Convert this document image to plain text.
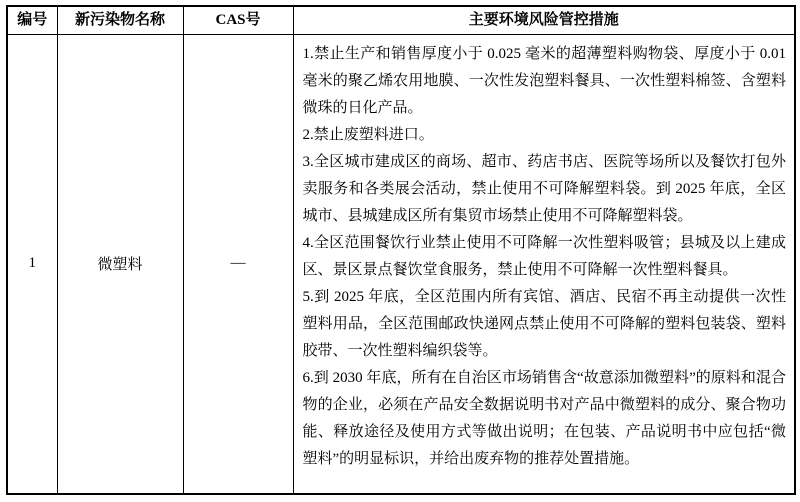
编号	新污染物名称	CAS号	主要环境风险管控措施
1	微塑料	—	

1.禁止生产和销售厚度小于 0.025 毫米的超薄塑料购物袋、厚度小于 0.01 毫米的聚乙烯农用地膜、一次性发泡塑料餐具、一次性塑料棉签、含塑料微珠的日化产品。

2.禁止废塑料进口。

3.全区城市建成区的商场、超市、药店书店、医院等场所以及餐饮打包外卖服务和各类展会活动，禁止使用不可降解塑料袋。到 2025 年底，全区城市、县城建成区所有集贸市场禁止使用不可降解塑料袋。

4.全区范围餐饮行业禁止使用不可降解一次性塑料吸管；县城及以上建成区、景区景点餐饮堂食服务，禁止使用不可降解一次性塑料餐具。

5.到 2025 年底，全区范围内所有宾馆、酒店、民宿不再主动提供一次性塑料用品，全区范围邮政快递网点禁止使用不可降解的塑料包装袋、塑料胶带、一次性塑料编织袋等。

6.到 2030 年底，所有在自治区市场销售含“故意添加微塑料”的原料和混合物的企业，必须在产品安全数据说明书对产品中微塑料的成分、聚合物功能、释放途径及使用方式等做出说明；在包装、产品说明书中应包括“微塑料”的明显标识，并给出废弃物的推荐处置措施。
